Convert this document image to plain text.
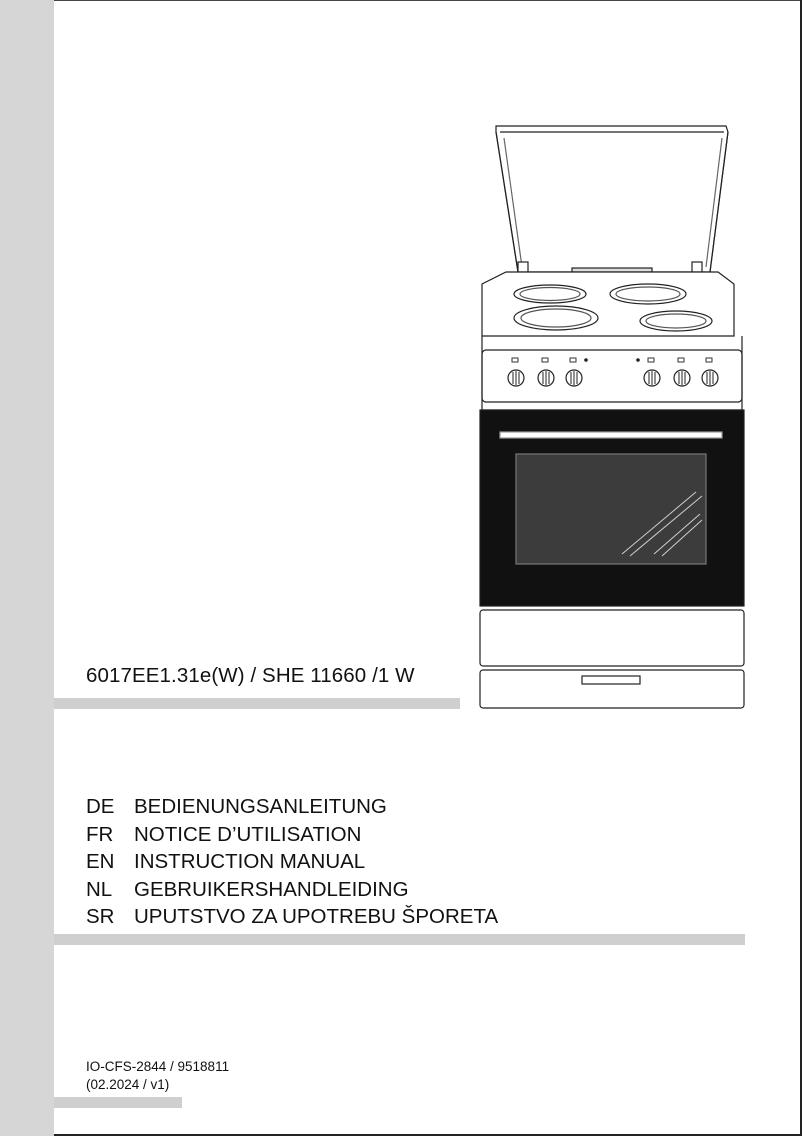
6017EE1.31e(W) / SHE 11660 /1 W
DE BEDIENUNGSANLEITUNG
FR	NOTICE D’UTILISATION
EN INSTRUCTION MANUAL
NL	GEBRUIKERSHANDLEIDING
SR UPUTSTVO ZA UPOTREBU ŠPORETA
IO-CFS-2844 / 9518811
(02.2024 / v1)
